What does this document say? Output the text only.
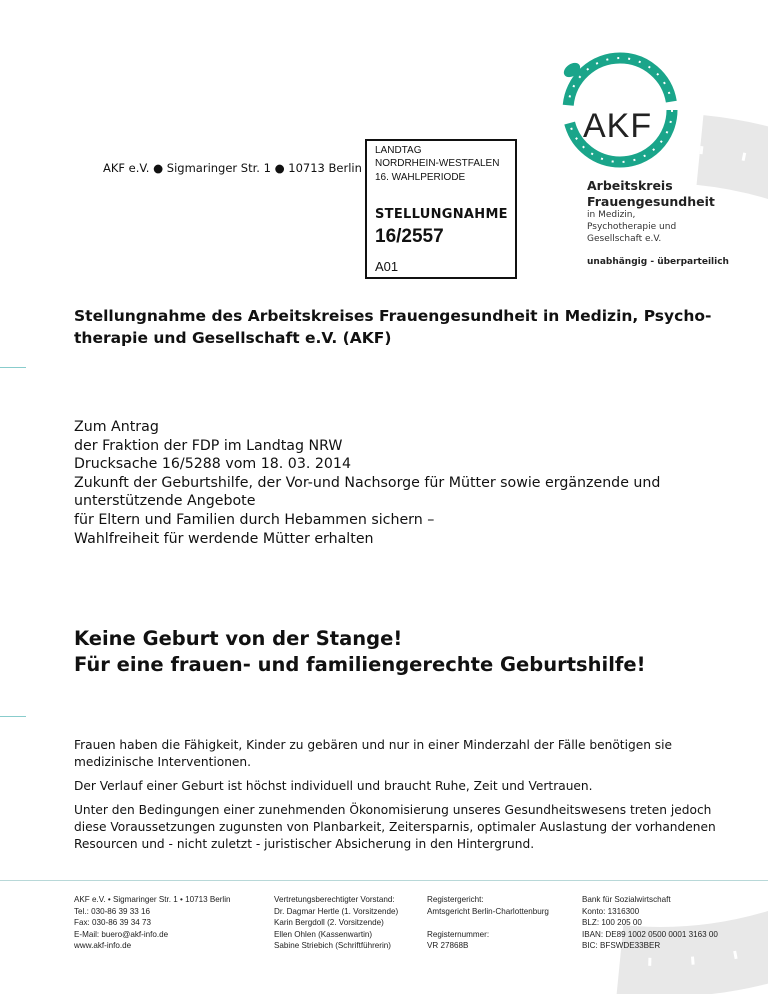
AKF e.V. ● Sigmaringer Str. 1 ● 10713 Berlin
LANDTAG
NORDRHEIN-WESTFALEN
16. WAHLPERIODE
STELLUNGNAHME
16/2557
A01
AKF
Arbeitskreis
Frauengesundheit
in Medizin,
Psychotherapie und
Gesellschaft e.V.
unabhängig - überparteilich
Stellungnahme des Arbeitskreises Frauengesundheit in Medizin, Psycho-therapie und Gesellschaft e.V. (AKF)
Zum Antrag
der Fraktion der FDP im Landtag NRW
Drucksache 16/5288 vom 18. 03. 2014
Zukunft der Geburtshilfe, der Vor-und Nachsorge für Mütter sowie ergänzende und
unterstützende Angebote
für Eltern und Familien durch Hebammen sichern –
Wahlfreiheit für werdende Mütter erhalten
Keine Geburt von der Stange!
Für eine frauen- und familiengerechte Geburtshilfe!

Frauen haben die Fähigkeit, Kinder zu gebären und nur in einer Minderzahl der Fälle benötigen sie medizinische Interventionen.

Der Verlauf einer Geburt ist höchst individuell und braucht Ruhe, Zeit und Vertrauen.

Unter den Bedingungen einer zunehmenden Ökonomisierung unseres Gesundheitswesens treten jedoch diese Voraussetzungen zugunsten von Planbarkeit, Zeitersparnis, optimaler Auslastung der vorhandenen Resourcen und - nicht zuletzt - juristischer Absicherung in den Hintergrund.

AKF e.V. • Sigmaringer Str. 1 • 10713 Berlin
Tel.: 030-86 39 33 16
Fax: 030-86 39 34 73
E-Mail: buero@akf-info.de
www.akf-info.de
Vertretungsberechtigter Vorstand:
Dr. Dagmar Hertle (1. Vorsitzende)
Karin Bergdoll (2. Vorsitzende)
Ellen Ohlen (Kassenwartin)
Sabine Striebich (Schriftführerin)
Registergericht:
Amtsgericht Berlin-Charlottenburg
Registernummer:
VR 27868B
Bank für Sozialwirtschaft
Konto: 1316300
BLZ: 100 205 00
IBAN: DE89 1002 0500 0001 3163 00
BIC: BFSWDE33BER
